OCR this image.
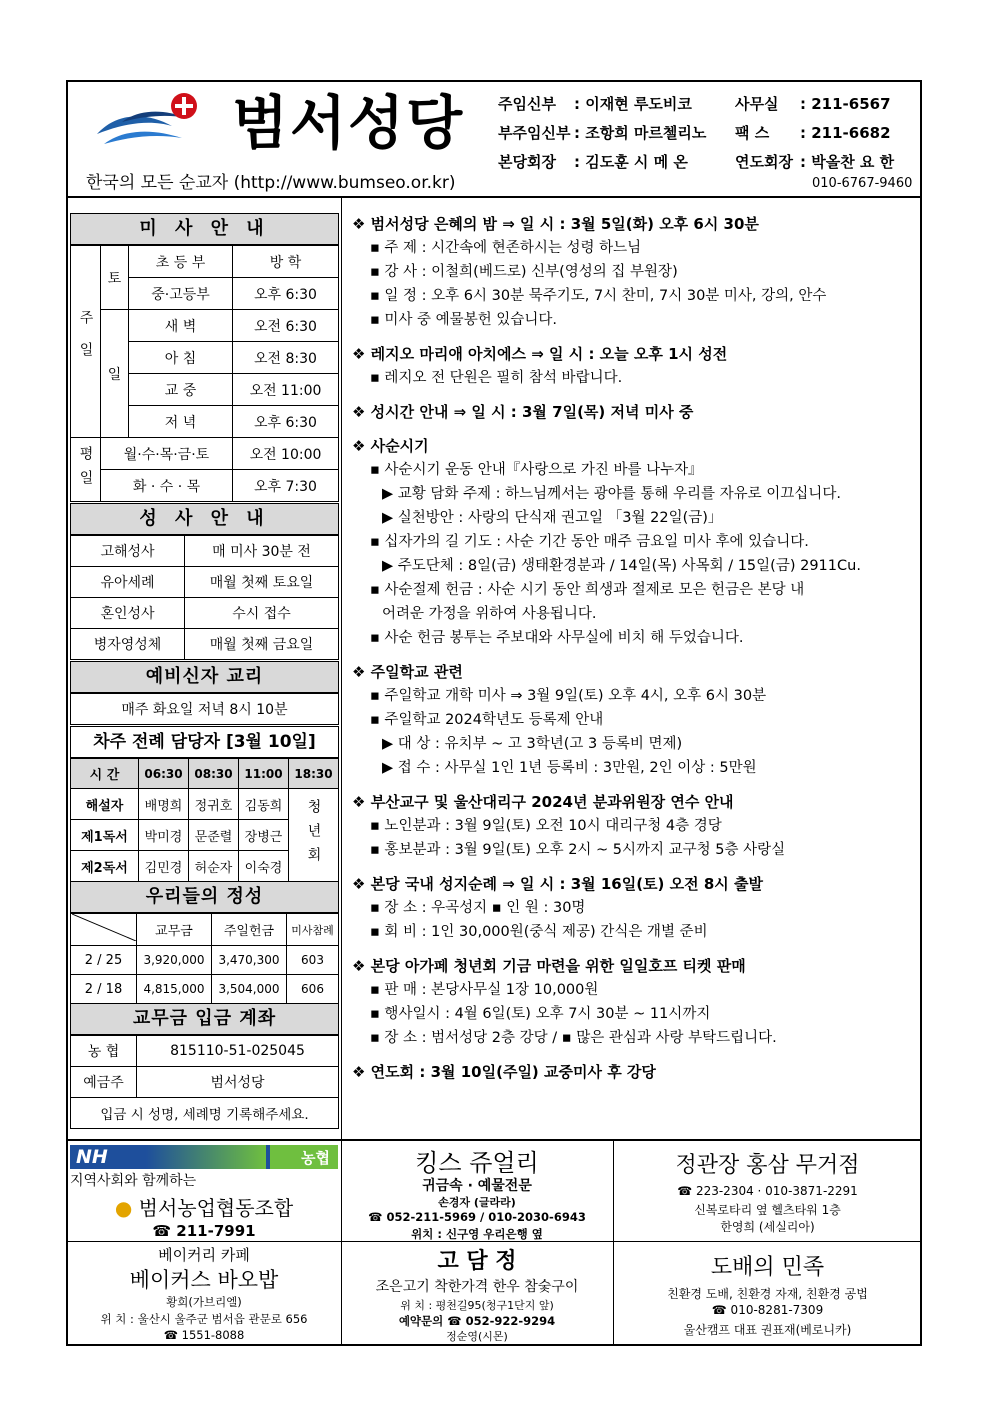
범서성당
한국의 모든 순교자 (http://www.bumseo.or.kr)
주임신부 : 이재현 루도비코
부주임신부 : 조항희 마르첼리노
본당회장 : 김도훈 시 메 온
사무실 : 211-6567
팩 스 : 211-6682
연도회장 : 박올찬 요 한
010-6767-9460
미 사 안 내
주일	토	초 등 부	방 학
		중·고등부	오후 6:30
	일	새 벽	오전 6:30
		아 침	오전 8:30
		교 중	오전 11:00
		저 녁	오후 6:30
평일	월·수·목·금·토		오전 10:00
	화 · 수 · 목		오후 7:30
성 사 안 내
고해성사	매 미사 30분 전
유아세례	매월 첫째 토요일
혼인성사	수시 접수
병자영성체	매월 첫째 금요일
예비신자 교리
매주 화요일 저녁 8시 10분
차주 전례 담당자 [3월 10일]
시 간	06:30	08:30	11:00	18:30
해설자	배명희	정귀호	김동희	청년회
제1독서	박미경	문준렬	장병근	
제2독서	김민경	허순자	이숙경	
우리들의 정성
	교무금	주일헌금	미사참례
2 / 25	3,920,000	3,470,300	603
2 / 18	4,815,000	3,504,000	606
교무금 입금 계좌
농 협	815110-51-025045
예금주	범서성당
입금 시 성명, 세례명 기록해주세요.	
❖ 범서성당 은혜의 밤 ⇒ 일 시 : 3월 5일(화) 오후 6시 30분
▪ 주 제 : 시간속에 현존하시는 성령 하느님
▪ 강 사 : 이철희(베드로) 신부(영성의 집 부원장)
▪ 일 정 : 오후 6시 30분 묵주기도, 7시 찬미, 7시 30분 미사, 강의, 안수
▪ 미사 중 예물봉헌 있습니다.
❖ 레지오 마리애 아치에스 ⇒ 일 시 : 오늘 오후 1시 성전
▪ 레지오 전 단원은 필히 참석 바랍니다.
❖ 성시간 안내 ⇒ 일 시 : 3월 7일(목) 저녁 미사 중
❖ 사순시기
▪ 사순시기 운동 안내『사랑으로 가진 바를 나누자』
▶ 교황 담화 주제 : 하느님께서는 광야를 통해 우리를 자유로 이끄십니다.
▶ 실천방안 : 사랑의 단식재 권고일 「3월 22일(금)」
▪ 십자가의 길 기도 : 사순 기간 동안 매주 금요일 미사 후에 있습니다.
▶ 주도단체 : 8일(금) 생태환경분과 / 14일(목) 사목회 / 15일(금) 2911Cu.
▪ 사순절제 헌금 : 사순 시기 동안 희생과 절제로 모은 헌금은 본당 내
어려운 가정을 위하여 사용됩니다.
▪ 사순 헌금 봉투는 주보대와 사무실에 비치 해 두었습니다.
❖ 주일학교 관련
▪ 주일학교 개학 미사 ⇒ 3월 9일(토) 오후 4시, 오후 6시 30분
▪ 주일학교 2024학년도 등록제 안내
▶ 대 상 : 유치부 ~ 고 3학년(고 3 등록비 면제)
▶ 접 수 : 사무실 1인 1년 등록비 : 3만원, 2인 이상 : 5만원
❖ 부산교구 및 울산대리구 2024년 분과위원장 연수 안내
▪ 노인분과 : 3월 9일(토) 오전 10시 대리구청 4층 경당
▪ 홍보분과 : 3월 9일(토) 오후 2시 ~ 5시까지 교구청 5층 사랑실
❖ 본당 국내 성지순례 ⇒ 일 시 : 3월 16일(토) 오전 8시 출발
▪ 장 소 : 우곡성지 ▪ 인 원 : 30명
▪ 회 비 : 1인 30,000원(중식 제공) 간식은 개별 준비
❖ 본당 아가페 청년회 기금 마련을 위한 일일호프 티켓 판매
▪ 판 매 : 본당사무실 1장 10,000원
▪ 행사일시 : 4월 6일(토) 오후 7시 30분 ~ 11시까지
▪ 장 소 : 범서성당 2층 강당 / ▪ 많은 관심과 사랑 부탁드립니다.
❖ 연도회 : 3월 10일(주일) 교중미사 후 강당
NH	농협
지역사회와 함께하는
● 범서농업협동조합
☎ 211-7991
킹스 쥬얼리
귀금속 · 예물전문
손경자 (글라라)
☎ 052-211-5969 / 010-2030-6943
위치 : 신구영 우리은행 옆
정관장 홍삼 무거점
☎ 223-2304 · 010-3871-2291
신복로타리 옆 헬츠타워 1층
한영희 (세실리아)
베이커리 카페
베이커스 바오밥
황희(가브리엘)
위 치 : 울산시 울주군 범서읍 관문로 656
☎ 1551-8088
고 담 정
조은고기 착한가격 한우 참숯구이
위 치 : 평천길95(청구1단지 앞)
예약문의 ☎ 052-922-9294
정순영(시몬)
도배의 민족
친환경 도배, 친환경 자재, 친환경 공법
☎ 010-8281-7309
울산캠프 대표 권표재(베로니카)
